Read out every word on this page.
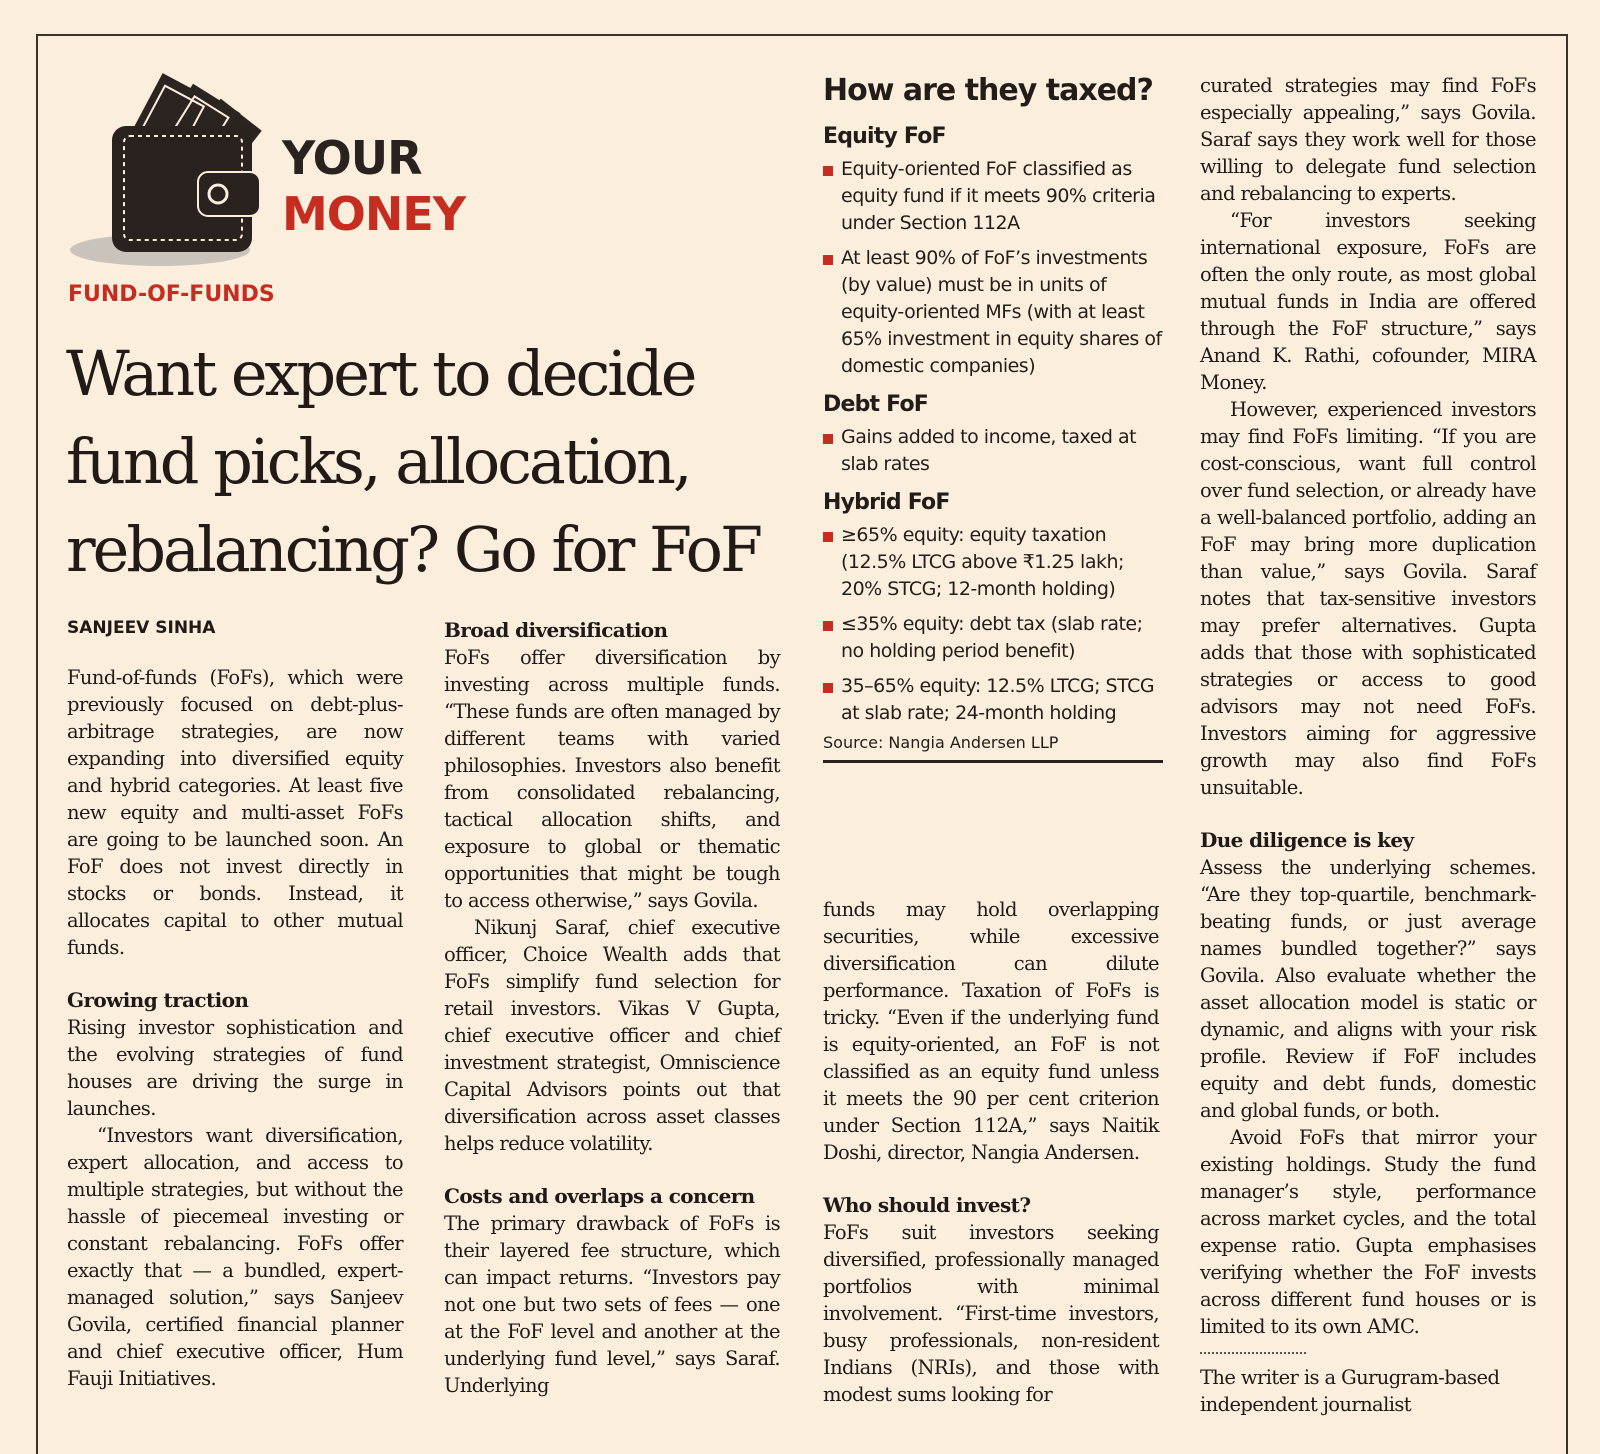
YOUR
MONEY
FUND-OF-FUNDS
Want expert to decide fund picks, allocation, rebalancing? Go for FoF
SANJEEV SINHA

Fund-of-funds (FoFs), which were previously focused on debt-plus-arbitrage strategies, are now expanding into diversified equity and hybrid categories. At least five new equity and multi-asset FoFs are going to be launched soon. An FoF does not invest directly in stocks or bonds. Instead, it allocates capital to other mutual funds.

Growing traction

Rising investor sophistication and the evolving strategies of fund houses are driving the surge in launches.

“Investors want diversification, expert allocation, and access to multiple strategies, but without the hassle of piecemeal investing or constant rebalancing. FoFs offer exactly that — a bundled, expert-managed solution,” says Sanjeev Govila, certified financial planner and chief executive officer, Hum Fauji Initiatives.

Broad diversification

FoFs offer diversification by investing across multiple funds. “These funds are often managed by different teams with varied philosophies. Investors also benefit from consolidated rebalancing, tactical allocation shifts, and exposure to global or thematic opportunities that might be tough to access otherwise,” says Govila.

Nikunj Saraf, chief executive officer, Choice Wealth adds that FoFs simplify fund selection for retail investors. Vikas V Gupta, chief executive officer and chief investment strategist, Omniscience Capital Advisors points out that diversification across asset classes helps reduce volatility.

Costs and overlaps a concern

The primary drawback of FoFs is their layered fee structure, which can impact returns. “Investors pay not one but two sets of fees — one at the FoF level and another at the underlying fund level,” says Saraf. Underlying

How are they taxed?
Equity FoF
Equity-oriented FoF classified as equity fund if it meets 90% criteria under Section 112A
At least 90% of FoF’s investments (by value) must be in units of equity-oriented MFs (with at least 65% investment in equity shares of domestic companies)
Debt FoF
Gains added to income, taxed at slab rates
Hybrid FoF
≥65% equity: equity taxation (12.5% LTCG above ₹1.25 lakh; 20% STCG; 12-month holding)
≤35% equity: debt tax (slab rate; no holding period benefit)
35–65% equity: 12.5% LTCG; STCG at slab rate; 24-month holding
Source: Nangia Andersen LLP

funds may hold overlapping securities, while excessive diversification can dilute performance. Taxation of FoFs is tricky. “Even if the underlying fund is equity-oriented, an FoF is not classified as an equity fund unless it meets the 90 per cent criterion under Section 112A,” says Naitik Doshi, director, Nangia Andersen.

Who should invest?

FoFs suit investors seeking diversified, professionally managed portfolios with minimal involvement. “First-time investors, busy professionals, non-resident Indians (NRIs), and those with modest sums looking for

curated strategies may find FoFs especially appealing,” says Govila. Saraf says they work well for those willing to delegate fund selection and rebalancing to experts.

“For investors seeking international exposure, FoFs are often the only route, as most global mutual funds in India are offered through the FoF structure,” says Anand K. Rathi, cofounder, MIRA Money.

However, experienced investors may find FoFs limiting. “If you are cost-conscious, want full control over fund selection, or already have a well-balanced portfolio, adding an FoF may bring more duplication than value,” says Govila. Saraf notes that tax-sensitive investors may prefer alternatives. Gupta adds that those with sophisticated strategies or access to good advisors may not need FoFs. Investors aiming for aggressive growth may also find FoFs unsuitable.

Due diligence is key

Assess the underlying schemes. “Are they top-quartile, benchmark-beating funds, or just average names bundled together?” says Govila. Also evaluate whether the asset allocation model is static or dynamic, and aligns with your risk profile. Review if FoF includes equity and debt funds, domestic and global funds, or both.

Avoid FoFs that mirror your existing holdings. Study the fund manager’s style, performance across market cycles, and the total expense ratio. Gupta emphasises verifying whether the FoF invests across different fund houses or is limited to its own AMC.

The writer is a Gurugram-based independent journalist
